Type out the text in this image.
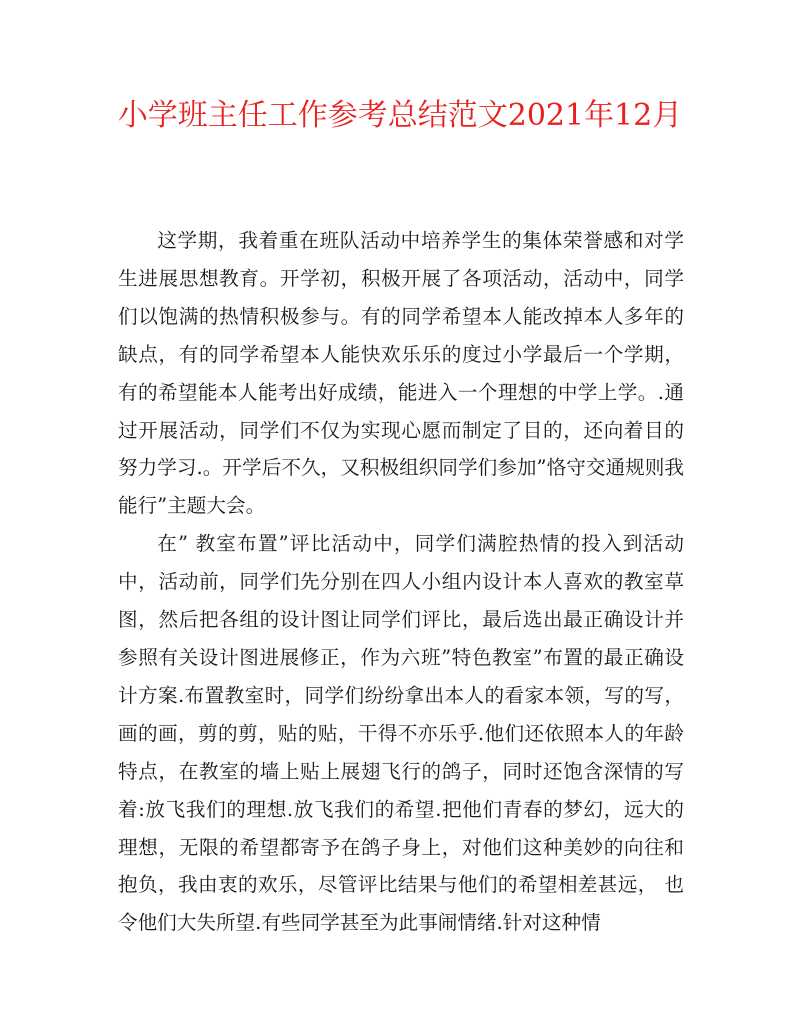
小学班主任工作参考总结范文2021年12月

这学期，我着重在班队活动中培养学生的集体荣誉感和对学生进展思想教育。开学初，积极开展了各项活动，活动中，同学们以饱满的热情积极参与。有的同学希望本人能改掉本人多年的缺点，有的同学希望本人能快欢乐乐的度过小学最后一个学期，有的希望能本人能考出好成绩，能进入一个理想的中学上学。.通过开展活动，同学们不仅为实现心愿而制定了目的，还向着目的努力学习.。开学后不久，又积极组织同学们参加”恪守交通规则我能行”主题大会。

在” 教室布置”评比活动中，同学们满腔热情的投入到活动中，活动前，同学们先分别在四人小组内设计本人喜欢的教室草图，然后把各组的设计图让同学们评比，最后选出最正确设计并参照有关设计图进展修正，作为六班”特色教室”布置的最正确设计方案.布置教室时，同学们纷纷拿出本人的看家本领，写的写，画的画，剪的剪，贴的贴，干得不亦乐乎.他们还依照本人的年龄特点，在教室的墙上贴上展翅飞行的鸽子，同时还饱含深情的写着:放飞我们的理想.放飞我们的希望.把他们青春的梦幻，远大的理想，无限的希望都寄予在鸽子身上，对他们这种美妙的向往和抱负，我由衷的欢乐，尽管评比结果与他们的希望相差甚远， 也令他们大失所望.有些同学甚至为此事闹情绪.针对这种情
